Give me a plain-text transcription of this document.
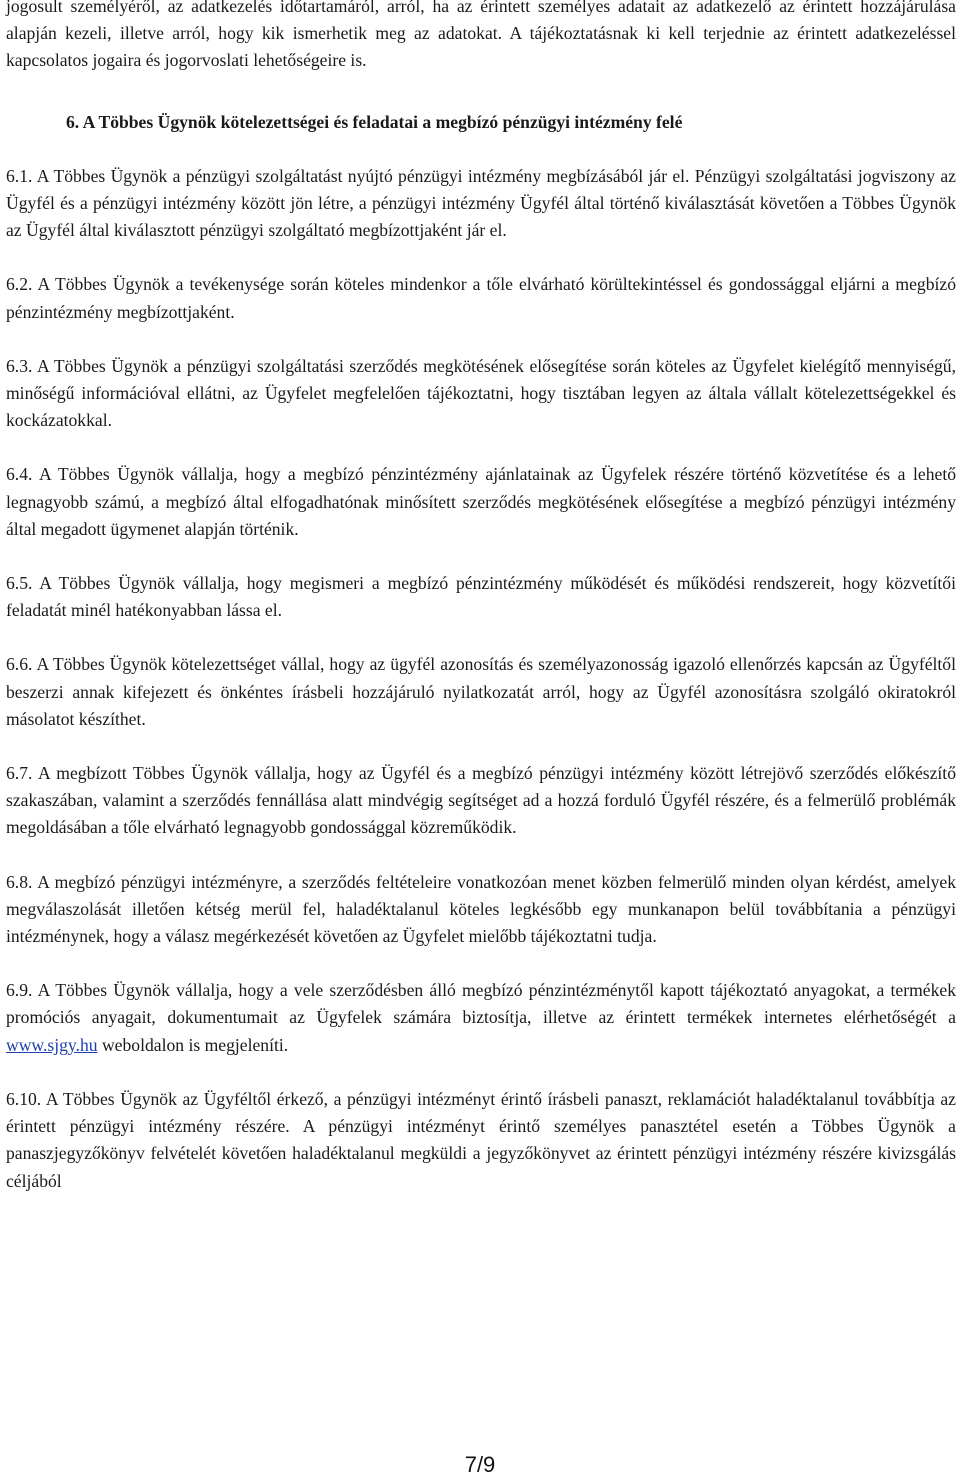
jogosult személyéről, az adatkezelés időtartamáról, arról, ha az érintett személyes adatait az adatkezelő az érintett hozzájárulása alapján kezeli, illetve arról, hogy kik ismerhetik meg az adatokat. A tájékoztatásnak ki kell terjednie az érintett adatkezeléssel kapcsolatos jogaira és jogorvoslati lehetőségeire is.

6. A Többes Ügynök kötelezettségei és feladatai a megbízó pénzügyi intézmény felé

6.1. A Többes Ügynök a pénzügyi szolgáltatást nyújtó pénzügyi intézmény megbízásából jár el. Pénzügyi szolgáltatási jogviszony az Ügyfél és a pénzügyi intézmény között jön létre, a pénzügyi intézmény Ügyfél által történő kiválasztását követően a Többes Ügynök az Ügyfél által kiválasztott pénzügyi szolgáltató megbízottjaként jár el.

6.2. A Többes Ügynök a tevékenysége során köteles mindenkor a tőle elvárható körültekintéssel és gondossággal eljárni a megbízó pénzintézmény megbízottjaként.

6.3. A Többes Ügynök a pénzügyi szolgáltatási szerződés megkötésének elősegítése során köteles az Ügyfelet kielégítő mennyiségű, minőségű információval ellátni, az Ügyfelet megfelelően tájékoztatni, hogy tisztában legyen az általa vállalt kötelezettségekkel és kockázatokkal.

6.4. A Többes Ügynök vállalja, hogy a megbízó pénzintézmény ajánlatainak az Ügyfelek részére történő közvetítése és a lehető legnagyobb számú, a megbízó által elfogadhatónak minősített szerződés megkötésének elősegítése a megbízó pénzügyi intézmény által megadott ügymenet alapján történik.

6.5. A Többes Ügynök vállalja, hogy megismeri a megbízó pénzintézmény működését és működési rendszereit, hogy közvetítői feladatát minél hatékonyabban lássa el.

6.6. A Többes Ügynök kötelezettséget vállal, hogy az ügyfél azonosítás és személyazonosság igazoló ellenőrzés kapcsán az Ügyféltől beszerzi annak kifejezett és önkéntes írásbeli hozzájáruló nyilatkozatát arról, hogy az Ügyfél azonosításra szolgáló okiratokról másolatot készíthet.

6.7. A megbízott Többes Ügynök vállalja, hogy az Ügyfél és a megbízó pénzügyi intézmény között létrejövő szerződés előkészítő szakaszában, valamint a szerződés fennállása alatt mindvégig segítséget ad a hozzá forduló Ügyfél részére, és a felmerülő problémák megoldásában a tőle elvárható legnagyobb gondossággal közreműködik.

6.8. A megbízó pénzügyi intézményre, a szerződés feltételeire vonatkozóan menet közben felmerülő minden olyan kérdést, amelyek megválaszolását illetően kétség merül fel, haladéktalanul köteles legkésőbb egy munkanapon belül továbbítania a pénzügyi intézménynek, hogy a válasz megérkezését követően az Ügyfelet mielőbb tájékoztatni tudja.

6.9. A Többes Ügynök vállalja, hogy a vele szerződésben álló megbízó pénzintézménytől kapott tájékoztató anyagokat, a termékek promóciós anyagait, dokumentumait az Ügyfelek számára biztosítja, illetve az érintett termékek internetes elérhetőségét a www.sjgy.hu weboldalon is megjeleníti.

6.10. A Többes Ügynök az Ügyféltől érkező, a pénzügyi intézményt érintő írásbeli panaszt, reklamációt haladéktalanul továbbítja az érintett pénzügyi intézmény részére. A pénzügyi intézményt érintő személyes panasztétel esetén a Többes Ügynök a panaszjegyzőkönyv felvételét követően haladéktalanul megküldi a jegyzőkönyvet az érintett pénzügyi intézmény részére kivizsgálás céljából

7/9
